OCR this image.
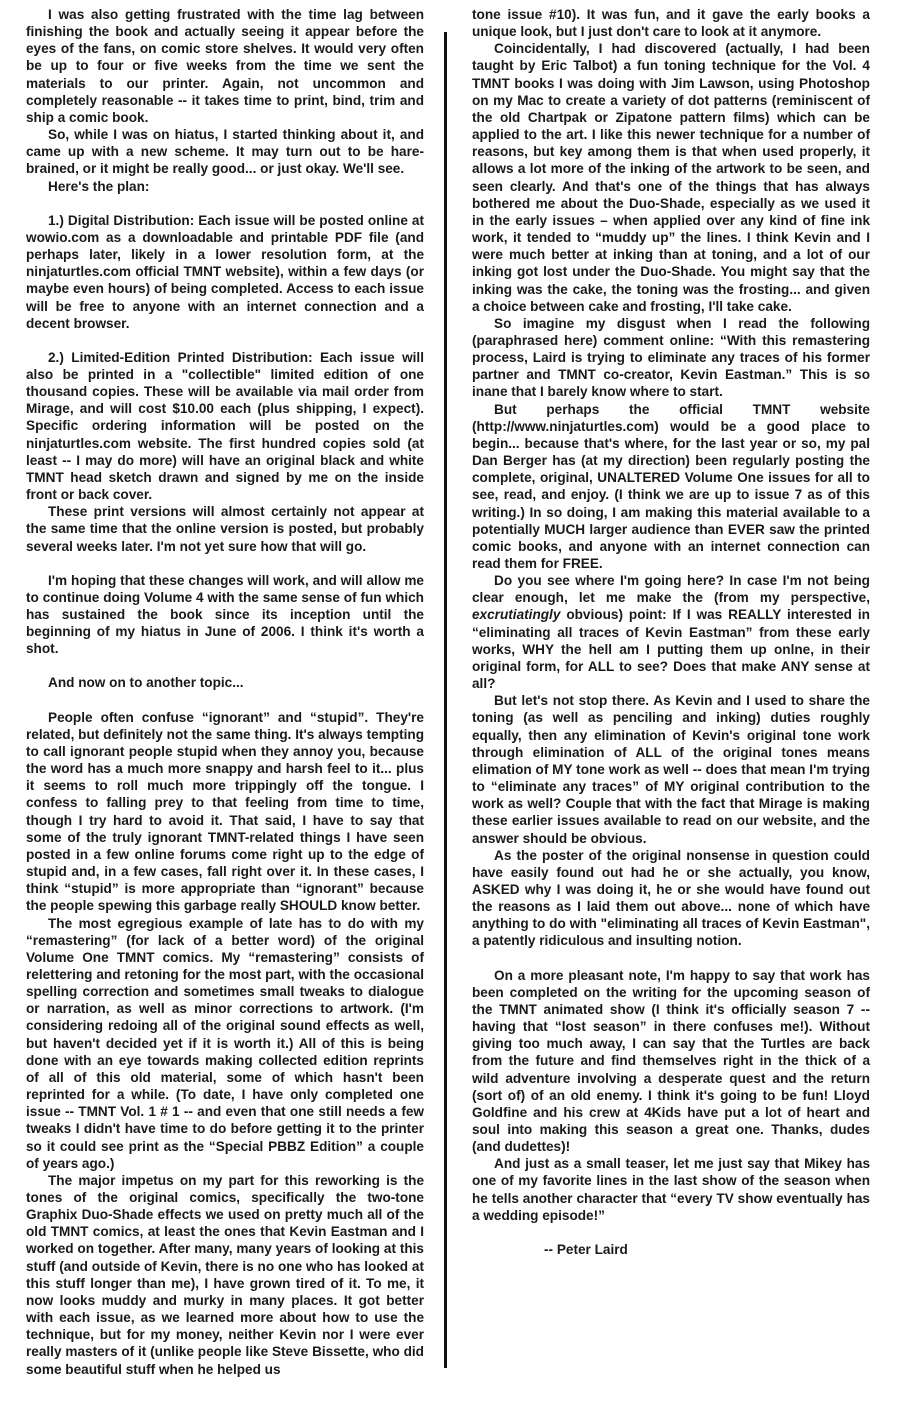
I was also getting frustrated with the time lag between finishing the book and actually seeing it appear before the eyes of the fans, on comic store shelves. It would very often be up to four or five weeks from the time we sent the materials to our printer. Again, not uncommon and completely reasonable -- it takes time to print, bind, trim and ship a comic book.

So, while I was on hiatus, I started thinking about it, and came up with a new scheme. It may turn out to be hare-brained, or it might be really good... or just okay. We'll see.

Here's the plan:

1.) Digital Distribution: Each issue will be posted online at wowio.com as a downloadable and printable PDF file (and perhaps later, likely in a lower resolution form, at the ninjaturtles.com official TMNT website), within a few days (or maybe even hours) of being completed. Access to each issue will be free to anyone with an internet connection and a decent browser.

2.) Limited-Edition Printed Distribution: Each issue will also be printed in a "collectible" limited edition of one thousand copies. These will be available via mail order from Mirage, and will cost $10.00 each (plus shipping, I expect). Specific ordering information will be posted on the ninjaturtles.com website. The first hundred copies sold (at least -- I may do more) will have an original black and white TMNT head sketch drawn and signed by me on the inside front or back cover.

These print versions will almost certainly not appear at the same time that the online version is posted, but probably several weeks later. I'm not yet sure how that will go.

I'm hoping that these changes will work, and will allow me to continue doing Volume 4 with the same sense of fun which has sustained the book since its inception until the beginning of my hiatus in June of 2006. I think it's worth a shot.

And now on to another topic...

People often confuse “ignorant” and “stupid”. They're related, but definitely not the same thing. It's always tempting to call ignorant people stupid when they annoy you, because the word has a much more snappy and harsh feel to it... plus it seems to roll much more trippingly off the tongue. I confess to falling prey to that feeling from time to time, though I try hard to avoid it. That said, I have to say that some of the truly ignorant TMNT-related things I have seen posted in a few online forums come right up to the edge of stupid and, in a few cases, fall right over it. In these cases, I think “stupid” is more appropriate than “ignorant” because the people spewing this garbage really SHOULD know better.

The most egregious example of late has to do with my “remastering” (for lack of a better word) of the original Volume One TMNT comics. My “remastering” consists of relettering and retoning for the most part, with the occasional spelling correction and sometimes small tweaks to dialogue or narration, as well as minor corrections to artwork. (I'm considering redoing all of the original sound effects as well, but haven't decided yet if it is worth it.) All of this is being done with an eye towards making collected edition reprints of all of this old material, some of which hasn't been reprinted for a while. (To date, I have only completed one issue -- TMNT Vol. 1 # 1 -- and even that one still needs a few tweaks I didn't have time to do before getting it to the printer so it could see print as the “Special PBBZ Edition” a couple of years ago.)

The major impetus on my part for this reworking is the tones of the original comics, specifically the two-tone Graphix Duo-Shade effects we used on pretty much all of the old TMNT comics, at least the ones that Kevin Eastman and I worked on together. After many, many years of looking at this stuff (and outside of Kevin, there is no one who has looked at this stuff longer than me), I have grown tired of it. To me, it now looks muddy and murky in many places. It got better with each issue, as we learned more about how to use the technique, but for my money, neither Kevin nor I were ever really masters of it (unlike people like Steve Bissette, who did some beautiful stuff when he helped us

tone issue #10). It was fun, and it gave the early books a unique look, but I just don't care to look at it anymore.

Coincidentally, I had discovered (actually, I had been taught by Eric Talbot) a fun toning technique for the Vol. 4 TMNT books I was doing with Jim Lawson, using Photoshop on my Mac to create a variety of dot patterns (reminiscent of the old Chartpak or Zipatone pattern films) which can be applied to the art. I like this newer technique for a number of reasons, but key among them is that when used properly, it allows a lot more of the inking of the artwork to be seen, and seen clearly. And that's one of the things that has always bothered me about the Duo-Shade, especially as we used it in the early issues – when applied over any kind of fine ink work, it tended to “muddy up” the lines. I think Kevin and I were much better at inking than at toning, and a lot of our inking got lost under the Duo-Shade. You might say that the inking was the cake, the toning was the frosting... and given a choice between cake and frosting, I'll take cake.

So imagine my disgust when I read the following (paraphrased here) comment online: “With this remastering process, Laird is trying to eliminate any traces of his former partner and TMNT co-creator, Kevin Eastman.” This is so inane that I barely know where to start.

But perhaps the official TMNT website (http://www.ninjaturtles.com) would be a good place to begin... because that's where, for the last year or so, my pal Dan Berger has (at my direction) been regularly posting the complete, original, UNALTERED Volume One issues for all to see, read, and enjoy. (I think we are up to issue 7 as of this writing.) In so doing, I am making this material available to a potentially MUCH larger audience than EVER saw the printed comic books, and anyone with an internet connection can read them for FREE.

Do you see where I'm going here? In case I'm not being clear enough, let me make the (from my perspective, excrutiatingly obvious) point: If I was REALLY interested in “eliminating all traces of Kevin Eastman” from these early works, WHY the hell am I putting them up onlne, in their original form, for ALL to see? Does that make ANY sense at all?

But let's not stop there. As Kevin and I used to share the toning (as well as penciling and inking) duties roughly equally, then any elimination of Kevin's original tone work through elimination of ALL of the original tones means elimation of MY tone work as well -- does that mean I'm trying to “eliminate any traces” of MY original contribution to the work as well? Couple that with the fact that Mirage is making these earlier issues available to read on our website, and the answer should be obvious.

As the poster of the original nonsense in question could have easily found out had he or she actually, you know, ASKED why I was doing it, he or she would have found out the reasons as I laid them out above... none of which have anything to do with "eliminating all traces of Kevin Eastman", a patently ridiculous and insulting notion.

On a more pleasant note, I'm happy to say that work has been completed on the writing for the upcoming season of the TMNT animated show (I think it's officially season 7 -- having that “lost season” in there confuses me!). Without giving too much away, I can say that the Turtles are back from the future and find themselves right in the thick of a wild adventure involving a desperate quest and the return (sort of) of an old enemy. I think it's going to be fun! Lloyd Goldfine and his crew at 4Kids have put a lot of heart and soul into making this season a great one. Thanks, dudes (and dudettes)!

And just as a small teaser, let me just say that Mikey has one of my favorite lines in the last show of the season when he tells another character that “every TV show eventually has a wedding episode!”

-- Peter Laird
